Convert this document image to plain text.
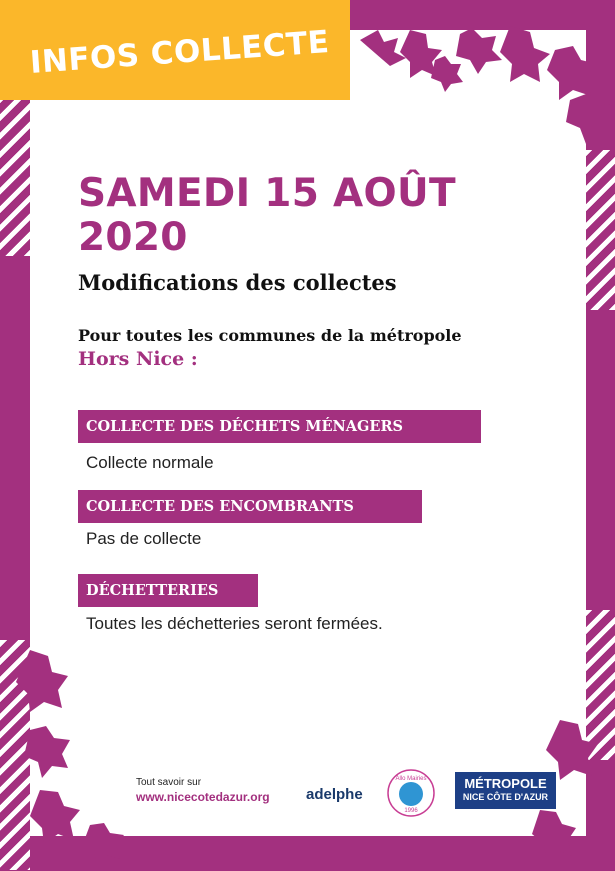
INFOS COLLECTE
SAMEDI 15 AOÛT
2020
Modifications des collectes
Pour toutes les communes de la métropole
Hors Nice :
COLLECTE DES DÉCHETS MÉNAGERS
Collecte normale
COLLECTE DES ENCOMBRANTS
Pas de collecte
DÉCHETTERIES
Toutes les déchetteries seront fermées.
Tout savoir sur
www.nicecotedazur.org adelphe
Allo Mairies
1996
MÉTROPOLE
NICE CÔTE D'AZUR
